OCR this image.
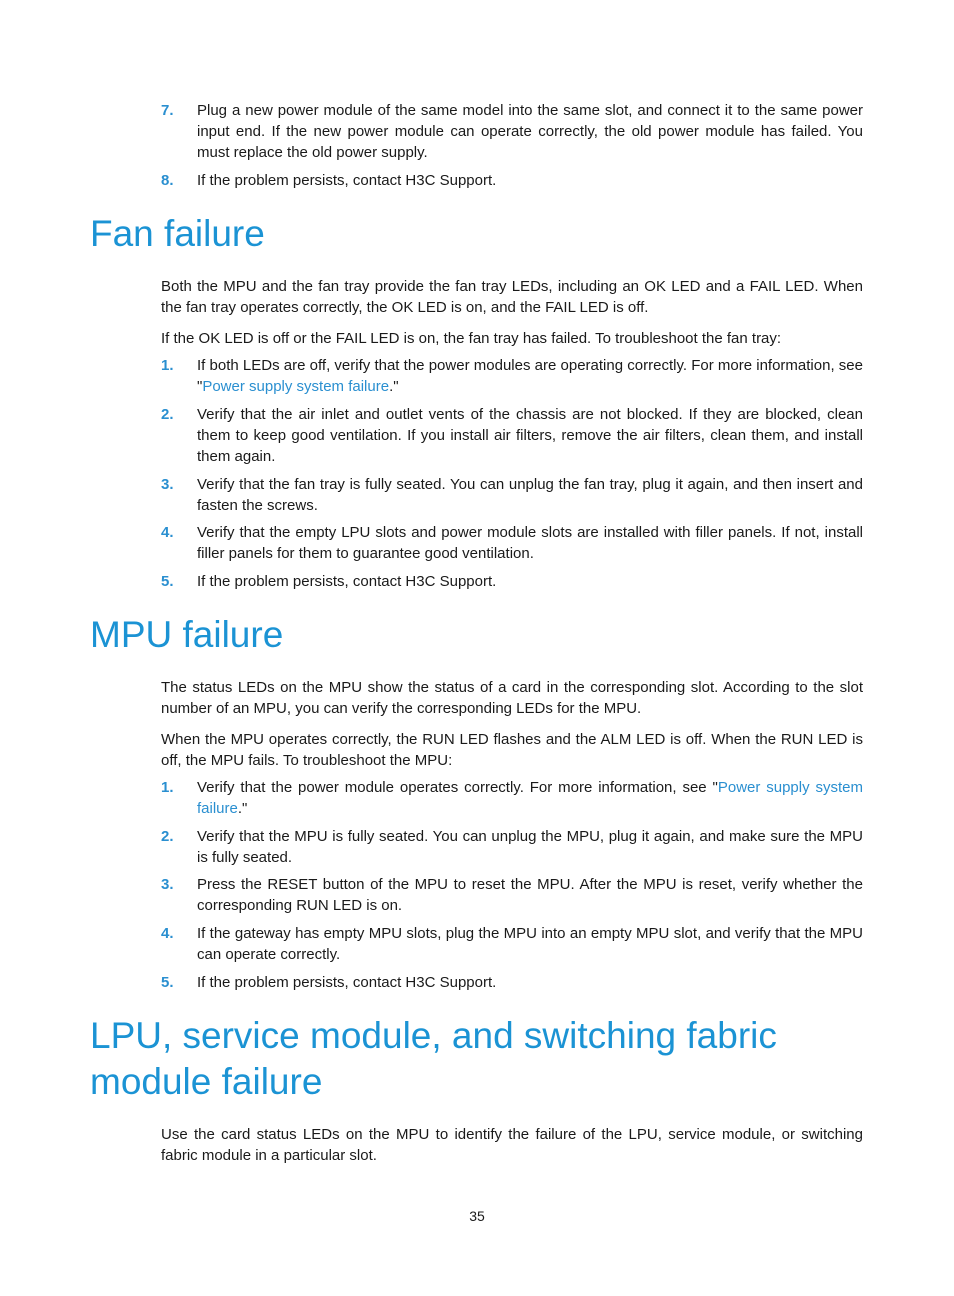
7. Plug a new power module of the same model into the same slot, and connect it to the same power input end. If the new power module can operate correctly, the old power module has failed. You must replace the old power supply.
8. If the problem persists, contact H3C Support.
Fan failure

Both the MPU and the fan tray provide the fan tray LEDs, including an OK LED and a FAIL LED. When the fan tray operates correctly, the OK LED is on, and the FAIL LED is off.

If the OK LED is off or the FAIL LED is on, the fan tray has failed. To troubleshoot the fan tray:

1. If both LEDs are off, verify that the power modules are operating correctly. For more information, see "Power supply system failure."
2. Verify that the air inlet and outlet vents of the chassis are not blocked. If they are blocked, clean them to keep good ventilation. If you install air filters, remove the air filters, clean them, and install them again.
3. Verify that the fan tray is fully seated. You can unplug the fan tray, plug it again, and then insert and fasten the screws.
4. Verify that the empty LPU slots and power module slots are installed with filler panels. If not, install filler panels for them to guarantee good ventilation.
5. If the problem persists, contact H3C Support.
MPU failure

The status LEDs on the MPU show the status of a card in the corresponding slot. According to the slot number of an MPU, you can verify the corresponding LEDs for the MPU.

When the MPU operates correctly, the RUN LED flashes and the ALM LED is off. When the RUN LED is off, the MPU fails. To troubleshoot the MPU:

1. Verify that the power module operates correctly. For more information, see "Power supply system failure."
2. Verify that the MPU is fully seated. You can unplug the MPU, plug it again, and make sure the MPU is fully seated.
3. Press the RESET button of the MPU to reset the MPU. After the MPU is reset, verify whether the corresponding RUN LED is on.
4. If the gateway has empty MPU slots, plug the MPU into an empty MPU slot, and verify that the MPU can operate correctly.
5. If the problem persists, contact H3C Support.
LPU, service module, and switching fabric module failure

Use the card status LEDs on the MPU to identify the failure of the LPU, service module, or switching fabric module in a particular slot.

35
